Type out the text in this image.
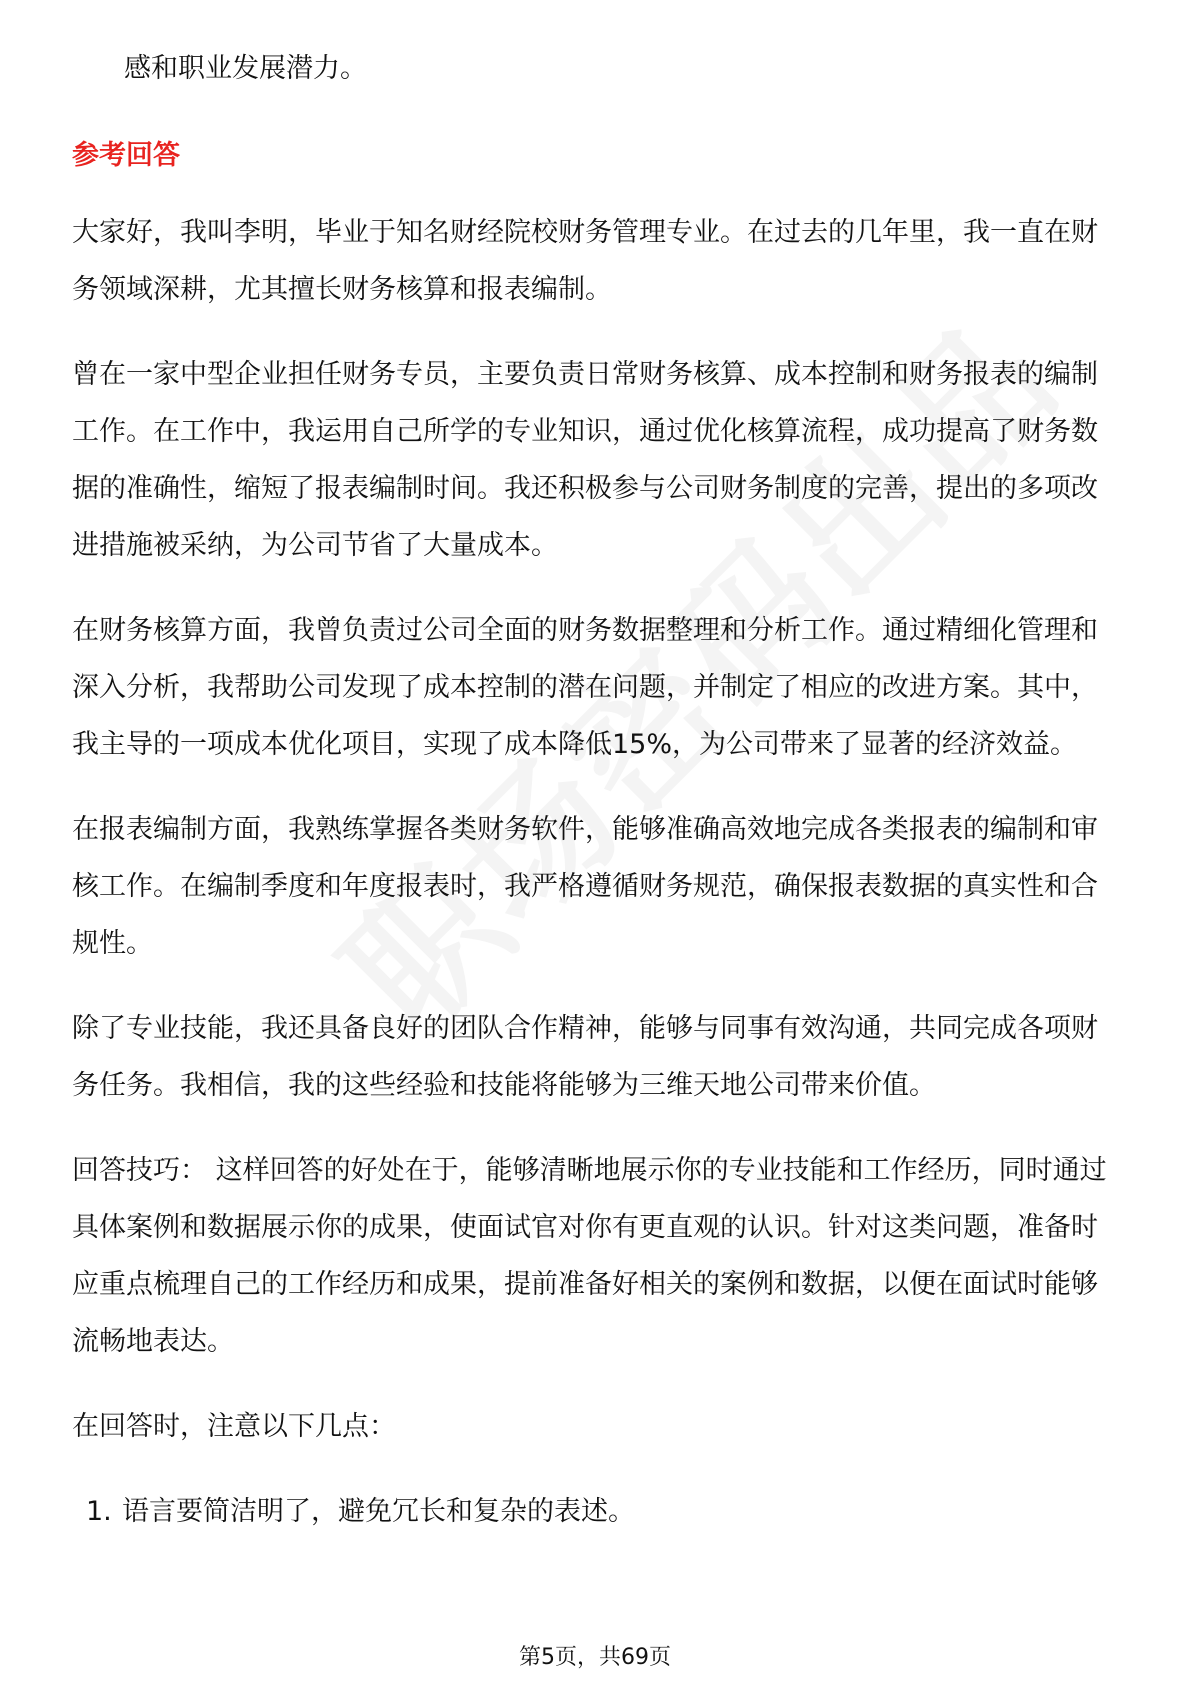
感和职业发展潜力。

参考回答

大家好，我叫李明，毕业于知名财经院校财务管理专业。在过去的几年里，我一直在财务领域深耕，尤其擅长财务核算和报表编制。

曾在一家中型企业担任财务专员，主要负责日常财务核算、成本控制和财务报表的编制工作。在工作中，我运用自己所学的专业知识，通过优化核算流程，成功提高了财务数据的准确性，缩短了报表编制时间。我还积极参与公司财务制度的完善，提出的多项改进措施被采纳，为公司节省了大量成本。

在财务核算方面，我曾负责过公司全面的财务数据整理和分析工作。通过精细化管理和深入分析，我帮助公司发现了成本控制的潜在问题，并制定了相应的改进方案。其中，我主导的一项成本优化项目，实现了成本降低15%，为公司带来了显著的经济效益。

在报表编制方面，我熟练掌握各类财务软件，能够准确高效地完成各类报表的编制和审核工作。在编制季度和年度报表时，我严格遵循财务规范，确保报表数据的真实性和合规性。

除了专业技能，我还具备良好的团队合作精神，能够与同事有效沟通，共同完成各项财务任务。我相信，我的这些经验和技能将能够为三维天地公司带来价值。

回答技巧： 这样回答的好处在于，能够清晰地展示你的专业技能和工作经历，同时通过具体案例和数据展示你的成果，使面试官对你有更直观的认识。针对这类问题，准备时应重点梳理自己的工作经历和成果，提前准备好相关的案例和数据，以便在面试时能够流畅地表达。

在回答时，注意以下几点：

1. 语言要简洁明了，避免冗长和复杂的表述。
第5页，共69页
